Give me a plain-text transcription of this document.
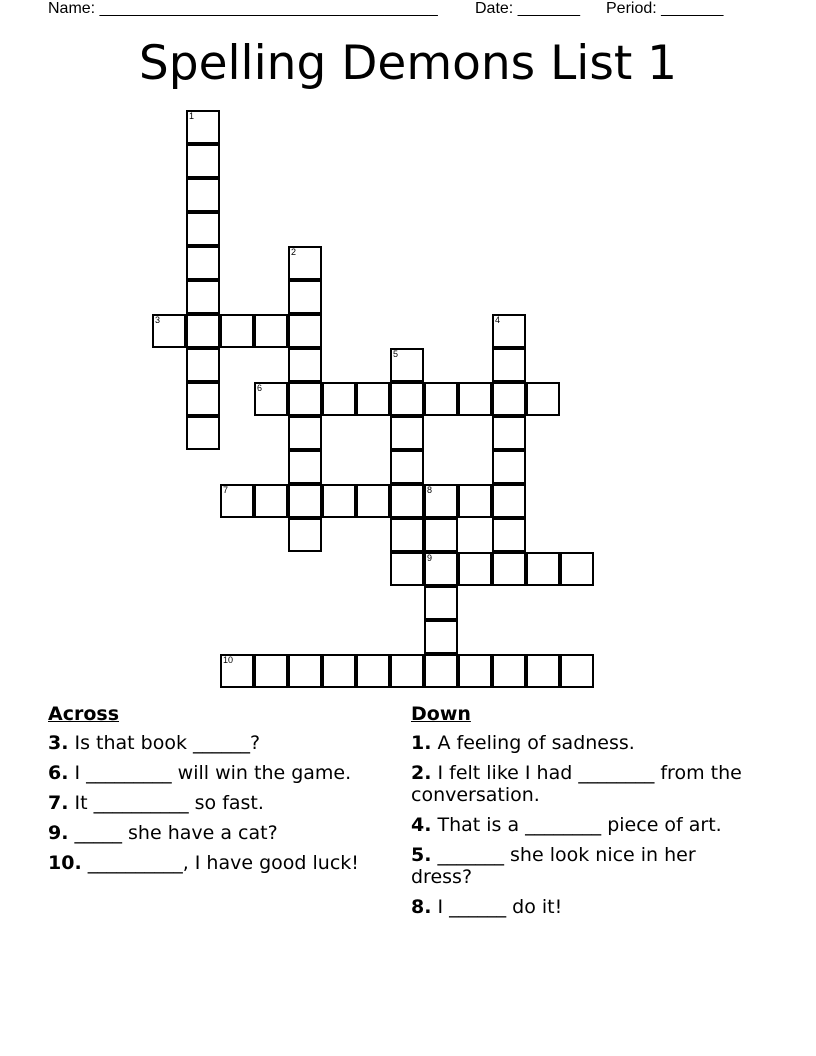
Name: ______________________________________ Date: _______ Period: _______
Spelling Demons List 1
1
2
3	4
5
6
7	8
9
10
Across
3. Is that book ______?
6. I _________ will win the game.
7. It __________ so fast.
9. _____ she have a cat?
10. __________, I have good luck!
Down
1. A feeling of sadness.
2. I felt like I had ________ from the conversation.
4. That is a ________ piece of art.
5. _______ she look nice in her dress?
8. I ______ do it!
